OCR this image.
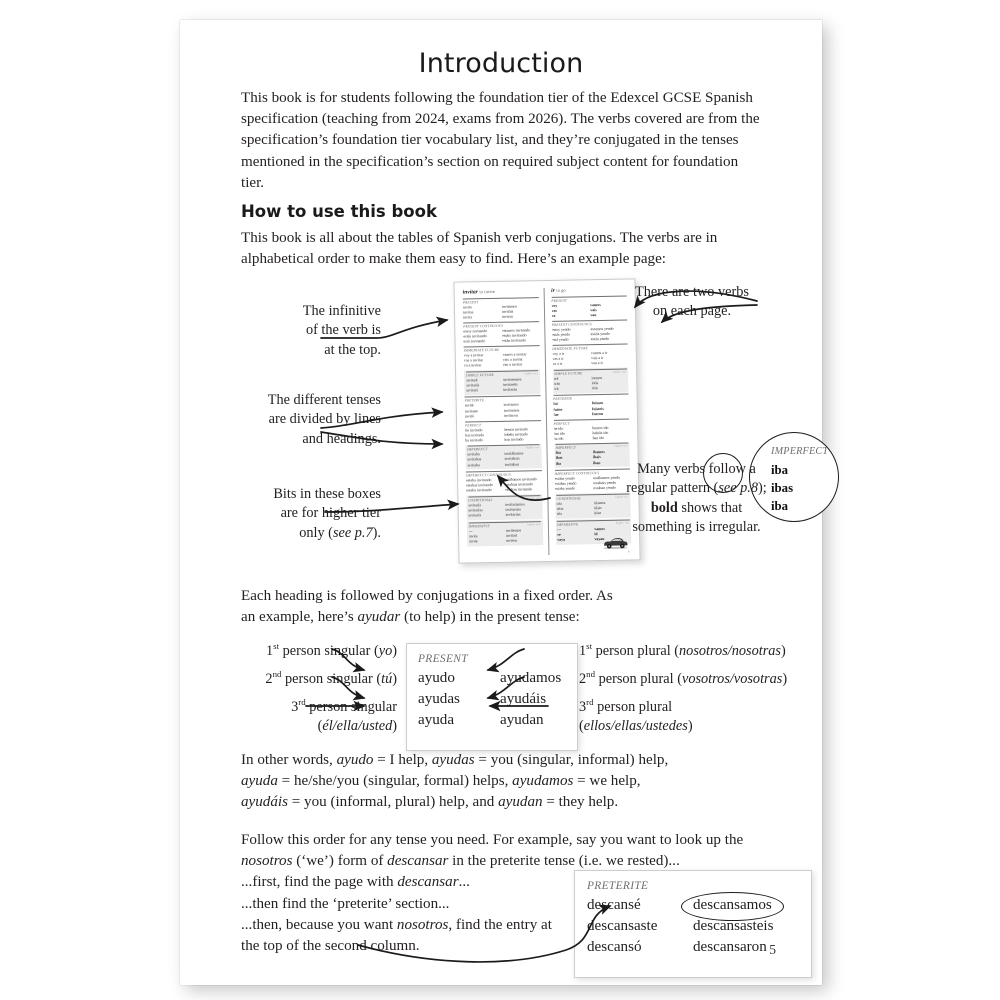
Introduction

This book is for students following the foundation tier of the Edexcel GCSE Spanish specification (teaching from 2024, exams from 2026). The verbs covered are from the specification’s foundation tier vocabulary list, and they’re conjugated in the tenses mentioned in the specification’s section on required subject content for foundation tier.

How to use this book

This book is all about the tables of Spanish verb conjugations. The verbs are in alphabetical order to make them easy to find. Here’s an example page:

invitar to invite
PRESENT
invito	invitamos
invitas	invitáis
invita	invitan
PRESENT CONTINUOUS
estoy invitando	estamos invitando
estás invitando	estáis invitando
está invitando	están invitando
IMMEDIATE FUTURE
voy a invitar	vamos a invitar
vas a invitar	vais a invitar
va a invitar	van a invitar
SIMPLE FUTURE	higher tier
invitaré	invitaremos
invitarás	invitaréis
invitará	invitarán
PRETERITE
invité	invitamos
invitaste	invitasteis
invitó	invitaron
PERFECT
he invitado	hemos invitado
has invitado	habéis invitado
ha invitado	han invitado
IMPERFECT	higher tier
invitaba	invitábamos
invitabas	invitabais
invitaba	invitaban
IMPERFECT CONTINUOUS
estaba invitando	estábamos invitando
estabas invitando	estabais invitando
estaba invitando	estaban invitando
CONDITIONAL	higher tier
invitaría	invitaríamos
invitarías	invitaríais
invitaría	invitarían
IMPERATIVE	higher tier
—	invitemos
invita	invitad
invite	inviten
ir to go
PRESENT
voy	vamos
vas	vais
va	van
PRESENT CONTINUOUS
estoy yendo	estamos yendo
estás yendo	estáis yendo
está yendo	están yendo
IMMEDIATE FUTURE
voy a ir	vamos a ir
vas a ir	vais a ir
va a ir	van a ir
SIMPLE FUTURE	higher tier
iré	iremos
irás	iréis
irá	irán
PRETERITE
fui	fuimos
fuiste	fuisteis
fue	fueron
PERFECT
he ido	hemos ido
has ido	habéis ido
ha ido	han ido
IMPERFECT	higher tier
iba	íbamos
ibas	ibais
iba	iban
IMPERFECT CONTINUOUS
estaba yendo	estábamos yendo
estabas yendo	estabais yendo
estaba yendo	estaban yendo
CONDITIONAL	higher tier
iría	iríamos
irías	iríais
iría	irían
IMPERATIVE	higher tier
—	vamos
ve	id
vaya	vayan
6
IMPERFECT
iba
ibas
iba
The infinitive
of the verb is
at the top.
The different tenses
are divided by lines
and headings.
Bits in these boxes
are for higher tier
only (see p.7).
There are two verbs
on each page.
Many verbs follow a
regular pattern (see p.8);
bold shows that
something is irregular.

Each heading is followed by conjugations in a fixed order. As
an example, here’s ayudar (to help) in the present tense:

1st person singular (yo)
2nd person singular (tú)
3rd person singular
(él/ella/usted)
1st person plural (nosotros/nosotras)
2nd person plural (vosotros/vosotras)
3rd person plural
(ellos/ellas/ustedes)
PRESENT
ayudo	ayudamos
ayudas	ayudáis
ayuda	ayudan

In other words, ayudo = I help, ayudas = you (singular, informal) help,
ayuda = he/she/you (singular, formal) helps, ayudamos = we help,
ayudáis = you (informal, plural) help, and ayudan = they help.

Follow this order for any tense you need. For example, say you want to look up the
nosotros (‘we’) form of descansar in the preterite tense (i.e. we rested)...
...first, find the page with descansar...
...then find the ‘preterite’ section...
...then, because you want nosotros, find the entry at
the top of the second column.

PRETERITE
descansé	descansamos
descansaste	descansasteis
descansó	descansaron 5
